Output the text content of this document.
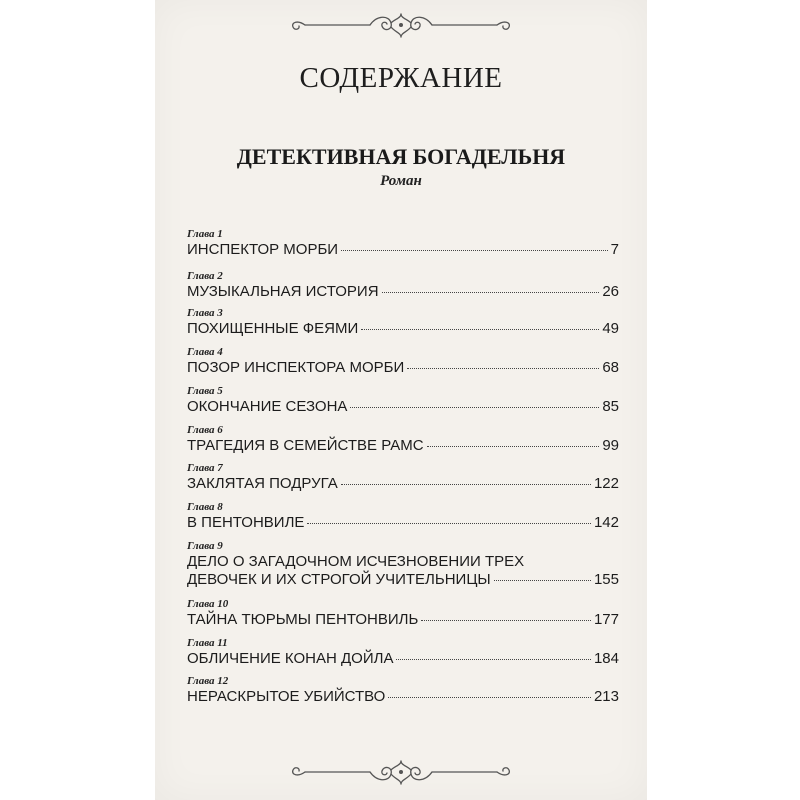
СОДЕРЖАНИЕ
ДЕТЕКТИВНАЯ БОГАДЕЛЬНЯ
Роман
Глава 1
ИНСПЕКТОР МОРБИ	7
Глава 2
МУЗЫКАЛЬНАЯ ИСТОРИЯ	26
Глава 3
ПОХИЩЕННЫЕ ФЕЯМИ	49
Глава 4
ПОЗОР ИНСПЕКТОРА МОРБИ	68
Глава 5
ОКОНЧАНИЕ СЕЗОНА	85
Глава 6
ТРАГЕДИЯ В СЕМЕЙСТВЕ РАМС	99
Глава 7
ЗАКЛЯТАЯ ПОДРУГА	122
Глава 8
В ПЕНТОНВИЛЕ	142
Глава 9
ДЕЛО О ЗАГАДОЧНОМ ИСЧЕЗНОВЕНИИ ТРЕХ
ДЕВОЧЕК И ИХ СТРОГОЙ УЧИТЕЛЬНИЦЫ	155
Глава 10
ТАЙНА ТЮРЬМЫ ПЕНТОНВИЛЬ	177
Глава 11
ОБЛИЧЕНИЕ КОНАН ДОЙЛА	184
Глава 12
НЕРАСКРЫТОЕ УБИЙСТВО	213
